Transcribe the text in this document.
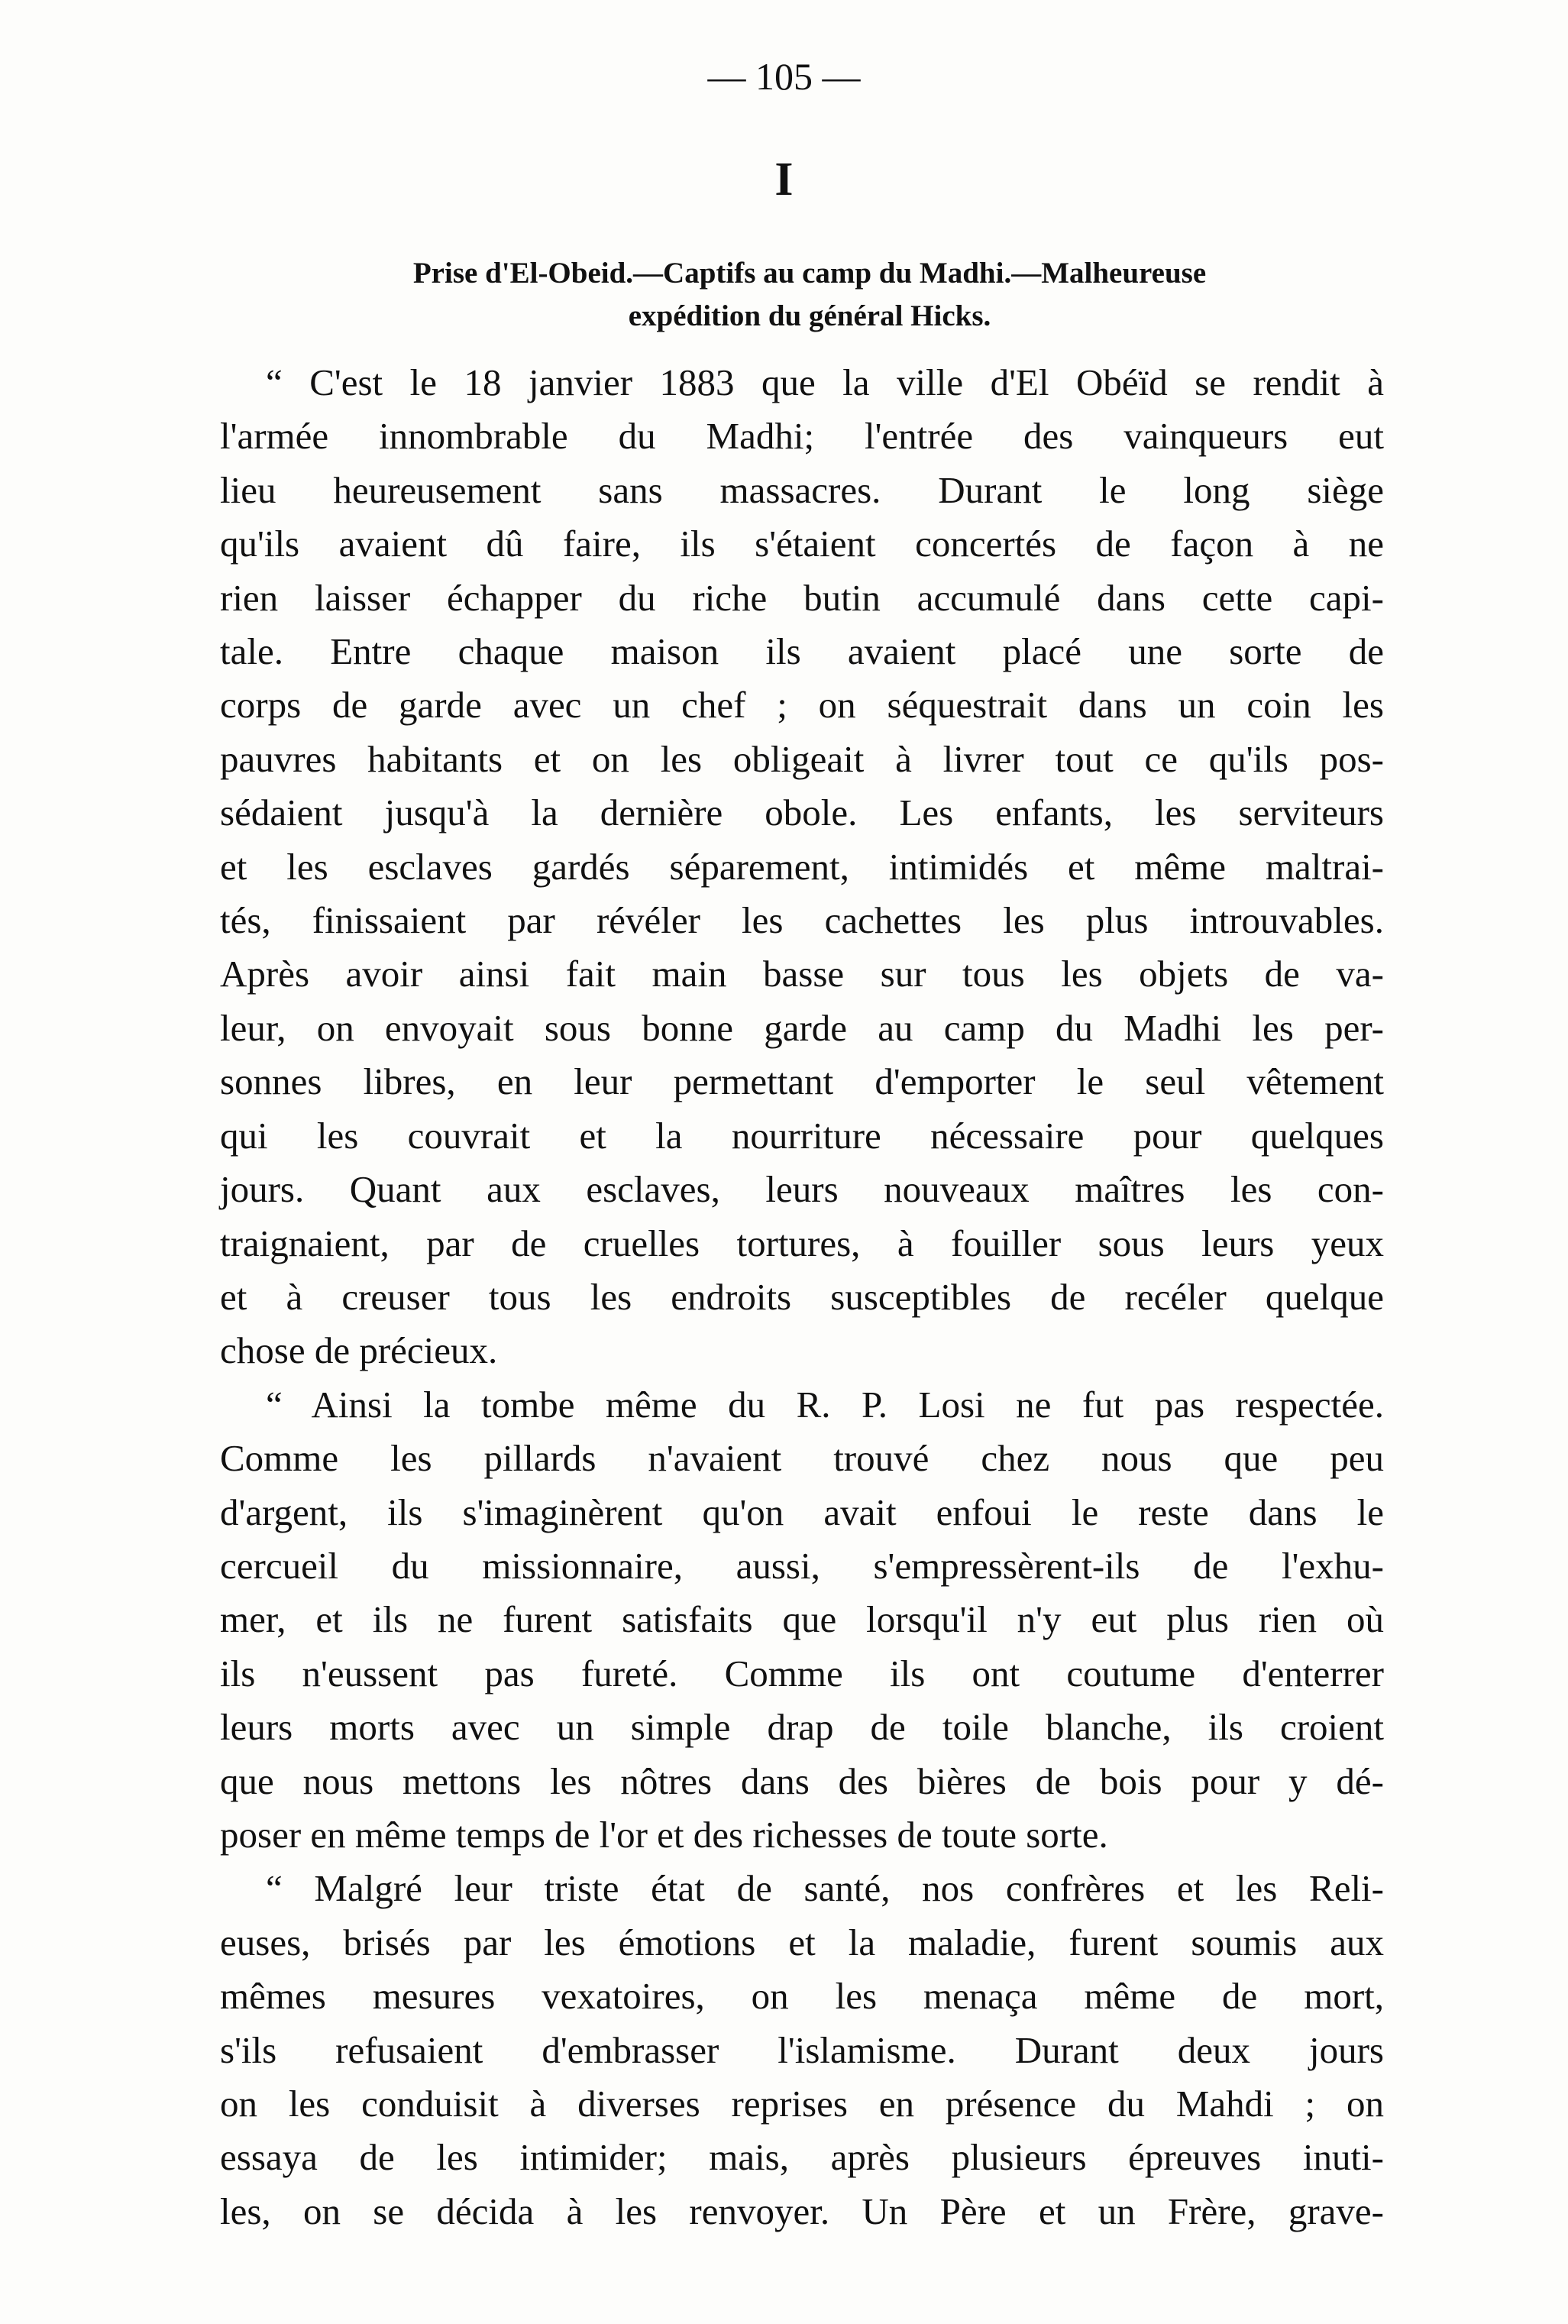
— 105 —
I
Prise d'El-Obeid.—Captifs au camp du Madhi.—Malheureuse
expédition du général Hicks.
“ C'est le 18 janvier 1883 que la ville d'El Obéïd se rendit à
l'armée innombrable du Madhi; l'entrée des vainqueurs eut
lieu heureusement sans massacres. Durant le long siège
qu'ils avaient dû faire, ils s'étaient concertés de façon à ne
rien laisser échapper du riche butin accumulé dans cette capi-
tale. Entre chaque maison ils avaient placé une sorte de
corps de garde avec un chef ; on séquestrait dans un coin les
pauvres habitants et on les obligeait à livrer tout ce qu'ils pos-
sédaient jusqu'à la dernière obole. Les enfants, les serviteurs
et les esclaves gardés séparement, intimidés et même maltrai-
tés, finissaient par révéler les cachettes les plus introuvables.
Après avoir ainsi fait main basse sur tous les objets de va-
leur, on envoyait sous bonne garde au camp du Madhi les per-
sonnes libres, en leur permettant d'emporter le seul vêtement
qui les couvrait et la nourriture nécessaire pour quelques
jours. Quant aux esclaves, leurs nouveaux maîtres les con-
traignaient, par de cruelles tortures, à fouiller sous leurs yeux
et à creuser tous les endroits susceptibles de recéler quelque
chose de précieux.
“ Ainsi la tombe même du R. P. Losi ne fut pas respectée.
Comme les pillards n'avaient trouvé chez nous que peu
d'argent, ils s'imaginèrent qu'on avait enfoui le reste dans le
cercueil du missionnaire, aussi, s'empressèrent-ils de l'exhu-
mer, et ils ne furent satisfaits que lorsqu'il n'y eut plus rien où
ils n'eussent pas fureté. Comme ils ont coutume d'enterrer
leurs morts avec un simple drap de toile blanche, ils croient
que nous mettons les nôtres dans des bières de bois pour y dé-
poser en même temps de l'or et des richesses de toute sorte.
“ Malgré leur triste état de santé, nos confrères et les Reli-
euses, brisés par les émotions et la maladie, furent soumis aux
mêmes mesures vexatoires, on les menaça même de mort,
s'ils refusaient d'embrasser l'islamisme. Durant deux jours
on les conduisit à diverses reprises en présence du Mahdi ; on
essaya de les intimider; mais, après plusieurs épreuves inuti-
les, on se décida à les renvoyer. Un Père et un Frère, grave-
